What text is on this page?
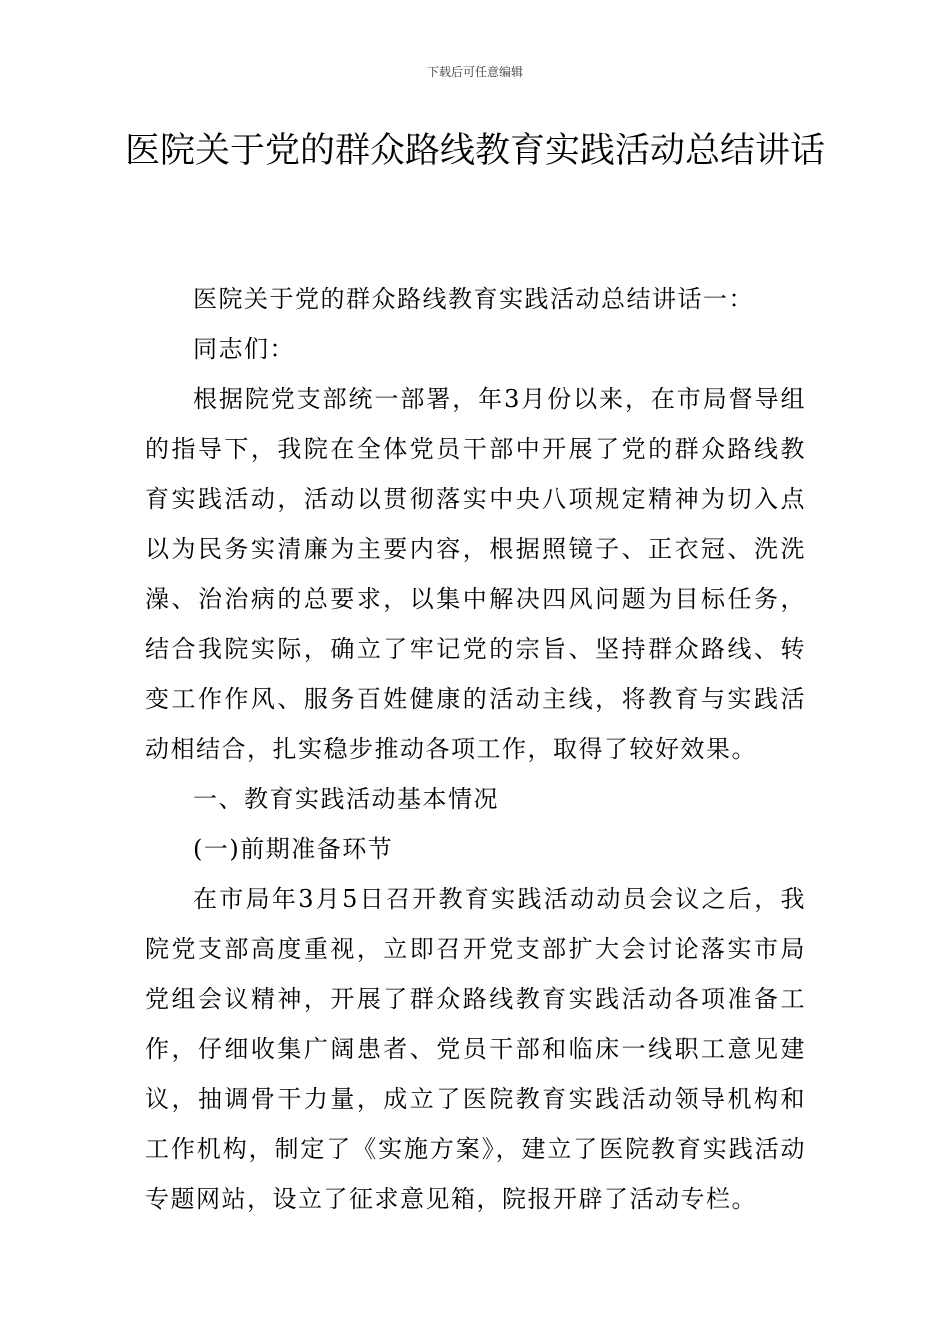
下载后可任意编辑
医院关于党的群众路线教育实践活动总结讲话

医院关于党的群众路线教育实践活动总结讲话一：

同志们：

根据院党支部统一部署，年3月份以来，在市局督导组的指导下，我院在全体党员干部中开展了党的群众路线教育实践活动，活动以贯彻落实中央八项规定精神为切入点以为民务实清廉为主要内容，根据照镜子、正衣冠、洗洗澡、治治病的总要求，以集中解决四风问题为目标任务，结合我院实际，确立了牢记党的宗旨、坚持群众路线、转变工作作风、服务百姓健康的活动主线，将教育与实践活动相结合，扎实稳步推动各项工作，取得了较好效果。

一、教育实践活动基本情况

(一)前期准备环节

在市局年3月5日召开教育实践活动动员会议之后，我院党支部高度重视，立即召开党支部扩大会讨论落实市局党组会议精神，开展了群众路线教育实践活动各项准备工作，仔细收集广阔患者、党员干部和临床一线职工意见建议，抽调骨干力量，成立了医院教育实践活动领导机构和工作机构，制定了《实施方案》，建立了医院教育实践活动专题网站，设立了征求意见箱，院报开辟了活动专栏。
